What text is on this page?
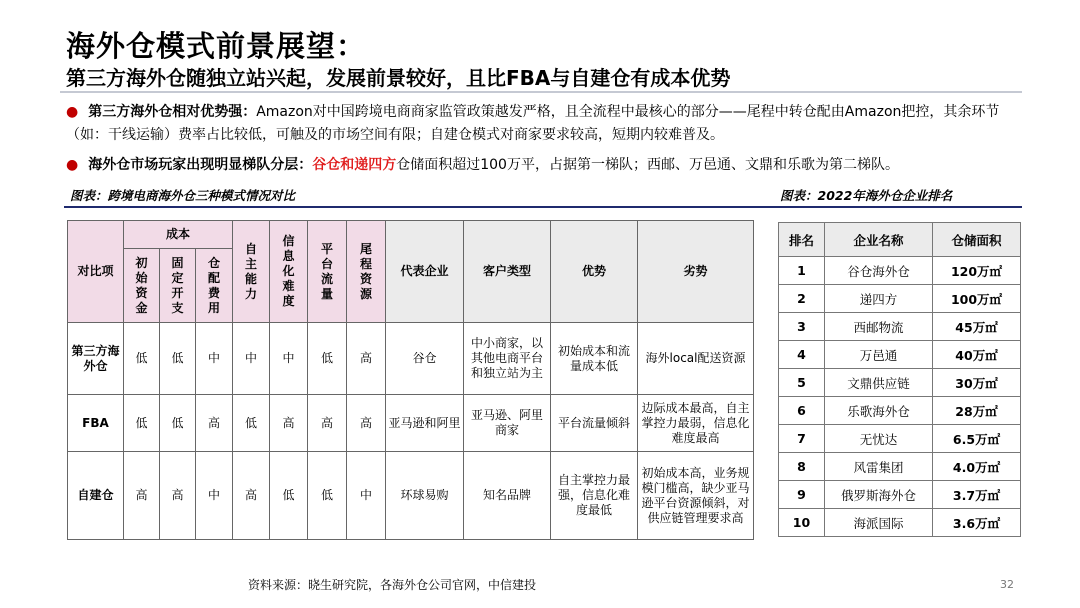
海外仓模式前景展望：
第三方海外仓随独立站兴起，发展前景较好，且比FBA与自建仓有成本优势
● 第三方海外仓相对优势强：Amazon对中国跨境电商商家监管政策越发严格，且全流程中最核心的部分——尾程中转仓配由Amazon把控，其余环节（如：干线运输）费率占比较低，可触及的市场空间有限；自建仓模式对商家要求较高，短期内较难普及。
● 海外仓市场玩家出现明显梯队分层：谷仓和递四方仓储面积超过100万平，占据第一梯队；西邮、万邑通、文鼎和乐歌为第二梯队。
图表：跨境电商海外仓三种模式情况对比	图表：2022年海外仓企业排名
对比项	成本			自主能力	信息化难度	平台流量	尾程资源	代表企业	客户类型	优势	劣势

	初始资金	固定开支	仓配费用								

第三方海外仓	低	低	中	中	中	低	高	谷仓	中小商家，以其他电商平台和独立站为主	初始成本和流量成本低	海外local配送资源
FBA	低	低	高	低	高	高	高	亚马逊和阿里	亚马逊、阿里商家	平台流量倾斜	边际成本最高，自主掌控力最弱，信息化难度最高
自建仓	高	高	中	高	低	低	中	环球易购	知名品牌	自主掌控力最强，信息化难度最低	初始成本高，业务规模门槛高，缺少亚马逊平台资源倾斜，对供应链管理要求高
排名	企业名称	仓储面积
1	谷仓海外仓	120万㎡
2	递四方	100万㎡
3	西邮物流	45万㎡
4	万邑通	40万㎡
5	文鼎供应链	30万㎡
6	乐歌海外仓	28万㎡
7	无忧达	6.5万㎡
8	风雷集团	4.0万㎡
9	俄罗斯海外仓	3.7万㎡
10	海派国际	3.6万㎡
资料来源：晓生研究院，各海外仓公司官网，中信建投	32
